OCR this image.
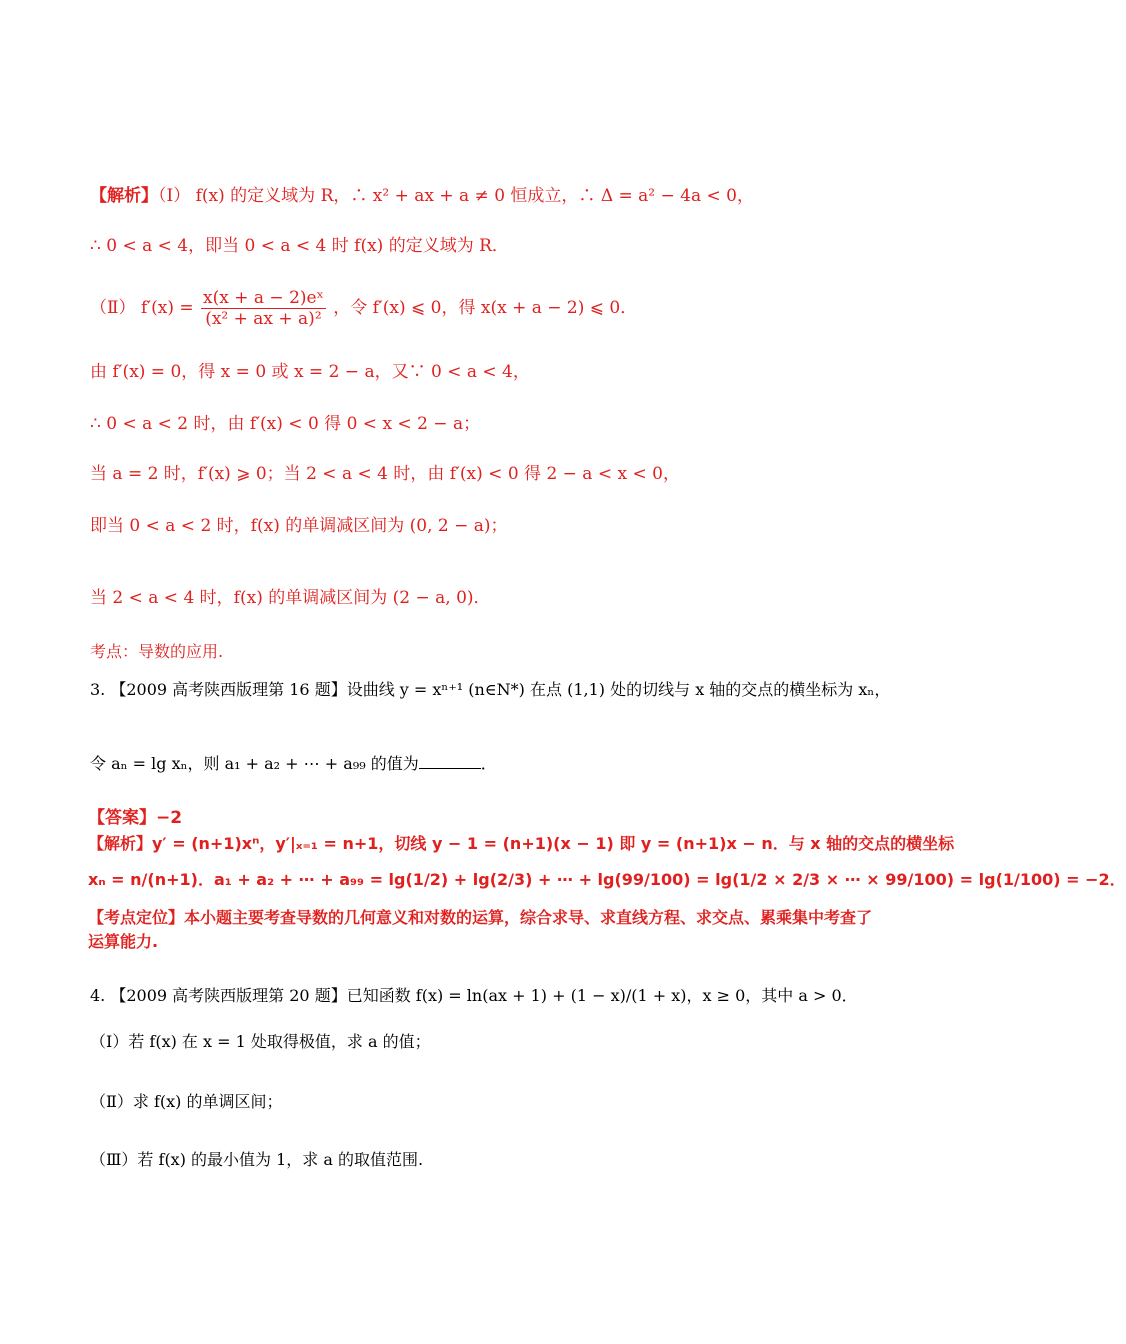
【解析】（Ⅰ） f(x) 的定义域为 R，∴ x² + ax + a ≠ 0 恒成立，∴ Δ = a² − 4a < 0，
∴ 0 < a < 4，即当 0 < a < 4 时 f(x) 的定义域为 R．
（Ⅱ） $f'(x) = \frac{\text{x(x + a − 2)eˣ}}{\text{(x² + ax + a)²}}$ ，令 f′(x) ⩽ 0，得 x(x + a − 2) ⩽ 0．
由 f′(x) = 0，得 x = 0 或 x = 2 − a，又∵ 0 < a < 4，
∴ 0 < a < 2 时，由 f′(x) < 0 得 0 < x < 2 − a；
当 a = 2 时，f′(x) ⩾ 0；当 2 < a < 4 时，由 f′(x) < 0 得 2 − a < x < 0，
即当 0 < a < 2 时，f(x) 的单调减区间为 (0, 2 − a)；
当 2 < a < 4 时，f(x) 的单调减区间为 (2 − a, 0)．
考点：导数的应用.
3. 【2009 高考陕西版理第 16 题】设曲线 y = xⁿ⁺¹ (n∈N*) 在点 (1,1) 处的切线与 x 轴的交点的横坐标为 xₙ，
令 aₙ = lg xₙ，则 a₁ + a₂ + ⋯ + a₉₉ 的值为	．
【答案】−2
【解析】y′ = (n+1)xⁿ，y′|ₓ₌₁ = n+1，切线 y − 1 = (n+1)(x − 1) 即 y = (n+1)x − n．与 x 轴的交点的横坐标
xₙ = n/(n+1)．a₁ + a₂ + ⋯ + a₉₉ = lg(1/2) + lg(2/3) + ⋯ + lg(99/100) = lg(1/2 × 2/3 × ⋯ × 99/100) = lg(1/100) = −2．
【考点定位】本小题主要考查导数的几何意义和对数的运算，综合求导、求直线方程、求交点、累乘集中考查了
运算能力.
4. 【2009 高考陕西版理第 20 题】已知函数 f(x) = ln(ax + 1) + (1 − x)/(1 + x)，x ≥ 0，其中 a > 0．
（Ⅰ）若 f(x) 在 x = 1 处取得极值，求 a 的值；
（Ⅱ）求 f(x) 的单调区间；
（Ⅲ）若 f(x) 的最小值为 1，求 a 的取值范围.
